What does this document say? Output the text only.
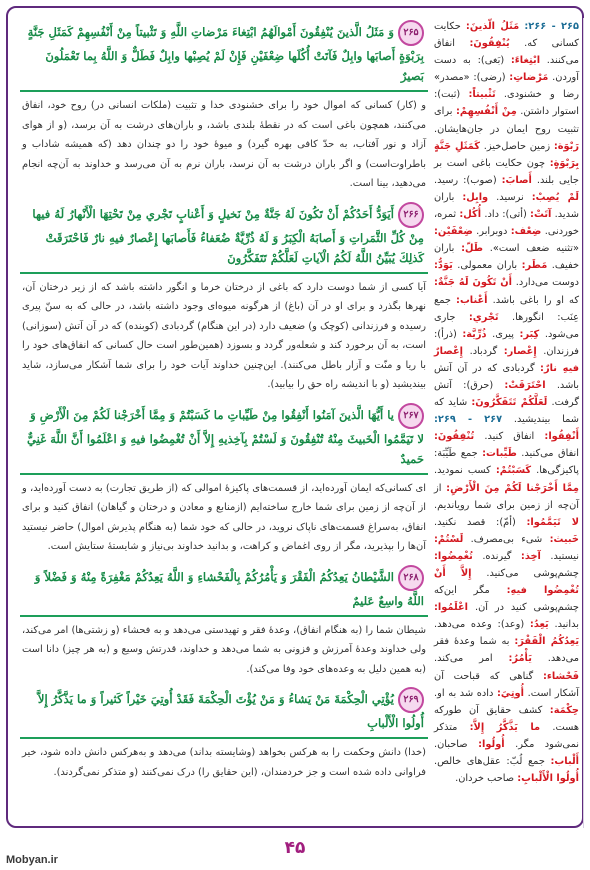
۲۶۵وَ مَثَلُ الَّذينَ يُنْفِقُونَ أَمْوالَهُمُ ابْتِغاءَ مَرْضاتِ اللَّهِ وَ تَثْبيتاً مِنْ أَنْفُسِهِمْ كَمَثَلِ جَنَّةٍ بِرَبْوَةٍ أَصابَها وابِلٌ فَآتَتْ أُكُلَها ضِعْفَيْنِ فَإِنْ لَمْ يُصِبْها وابِلٌ فَطَلٌّ وَ اللَّهُ بِما تَعْمَلُونَ بَصيرٌ
و (کار) کسانی که اموال خود را برای خشنودی خدا و تثبیت (ملکات انسانی در) روح خود، انفاق می‌کنند، همچون باغی است که در نقطهٔ بلندی باشد، و باران‌های درشت به آن برسد، (و از هوای آزاد و نور آفتاب، به حدّ کافی بهره گیرد) و میوهٔ خود را دو چندان دهد (که همیشه شاداب و باطراوت‌است) و اگر باران درشت به آن نرسد، باران نرم به آن می‌رسد و خداوند به آن‌چه انجام می‌دهید، بینا است.
۲۶۶أَيَوَدُّ أَحَدُكُمْ أَنْ تَكُونَ لَهُ جَنَّةٌ مِنْ نَخيلٍ وَ أَعْنابٍ تَجْري مِنْ تَحْتِهَا الْأَنْهارُ لَهُ فيها مِنْ كُلِّ الثَّمَراتِ وَ أَصابَهُ الْكِبَرُ وَ لَهُ ذُرِّيَّةٌ ضُعَفاءُ فَأَصابَها إِعْصارٌ فيهِ نارٌ فَاحْتَرَقَتْ كَذلِكَ يُبَيِّنُ اللَّهُ لَكُمُ الْآياتِ لَعَلَّكُمْ تَتَفَكَّرُونَ
آیا کسی از شما دوست دارد که باغی از درختان خرما و انگور داشته باشد که از زیر درختان آن، نهرها بگذرد و برای او در آن (باغ) از هرگونه میوه‌ای وجود داشته باشد، در حالی که به سنّ پیری رسیده و فرزندانی (کوچک و) ضعیف دارد (در این هنگام) گردبادی (کوبنده) که در آن آتش (سوزانی) است، به آن برخورد کند و شعله‌ور گردد و بسوزد (همین‌طور است حال کسانی که انفاق‌های خود را با ریا و منّت و آزار باطل می‌کنند). این‌چنین خداوند آیات خود را برای شما آشکار می‌سازد، شاید بیندیشید (و با اندیشه راه حق را بیابید).
۲۶۷يا أَيُّهَا الَّذينَ آمَنُوا أَنْفِقُوا مِنْ طَيِّباتِ ما كَسَبْتُمْ وَ مِمَّا أَخْرَجْنا لَكُمْ مِنَ الْأَرْضِ وَ لا تَيَمَّمُوا الْخَبيثَ مِنْهُ تُنْفِقُونَ وَ لَسْتُمْ بِآخِذيهِ إِلاَّ أَنْ تُغْمِضُوا فيهِ وَ اعْلَمُوا أَنَّ اللَّهَ غَنِيٌّ حَميدٌ
ای کسانی‌که ایمان آورده‌اید، از قسمت‌های پاکیزهٔ اموالی که (از طریق تجارت) به دست آورده‌اید، و از آن‌چه از زمین برای شما خارج ساخته‌ایم (ازمنابع و معادن و درختان و گیاهان) انفاق کنید و برای انفاق، به‌سراغ قسمت‌های ناپاک نروید، در حالی که خود شما (به هنگام پذیرش اموال) حاضر نیستید آن‌ها را بپذیرید، مگر از روی اغماض و کراهت، و بدانید خداوند بی‌نیاز و شایستهٔ ستایش است.
۲۶۸الشَّيْطانُ يَعِدُكُمُ الْفَقْرَ وَ يَأْمُرُكُمْ بِالْفَحْشاءِ وَ اللَّهُ يَعِدُكُمْ مَغْفِرَةً مِنْهُ وَ فَضْلاً وَ اللَّهُ واسِعٌ عَليمٌ
شیطان شما را (به هنگام انفاق)، وعدهٔ فقر و تهیدستی می‌دهد و به فحشاء (و زشتی‌ها) امر می‌کند، ولی خداوند وعدهٔ آمرزش و فزونی به شما می‌دهد و خداوند، قدرتش وسیع و (به هر چیز) دانا است (به همین دلیل به وعده‌های خود وفا می‌کند).
۲۶۹يُؤْتِي الْحِكْمَةَ مَنْ يَشاءُ وَ مَنْ يُؤْتَ الْحِكْمَةَ فَقَدْ أُوتِيَ خَيْراً كَثيراً وَ ما يَذَّكَّرُ إِلاَّ أُولُوا الْأَلْبابِ
(خدا) دانش وحکمت را به هرکس بخواهد (وشایسته بداند) می‌دهد و به‌هرکس دانش داده شود، خیر فراوانی داده شده است و جز خردمندان، (این حقایق را) درک نمی‌کنند (و متذکر نمی‌گردند).
۲۶۵ - ۲۶۶: مَثَلُ الَّذينَ: حکایت کسانی که. يُنْفِقُونَ: انفاق می‌کنند. ابْتِغاءَ: (بَغی): به دست آوردن. مَرْضاتِ: (رضی): «مصدر» رضا و خشنودی. تَثْبيتاً: (ثبت): استوار داشتن. مِنْ أَنْفُسِهِمْ: برای تثبیت روح ایمان در جان‌هایشان. رَبْوَة: زمین حاصل‌خیز. كَمَثَلِ جَنَّةٍ بِرَبْوَةٍ: چون حکایت باغی است بر جایی بلند. أَصابَ: (صوب): رسید. لَمْ يُصِبْ: نرسید. وابِل: باران شدید. آتَتْ: (أتی): داد. أُكُل: ثمره، خوردنی. ضِعْف: دوبرابر. ضِعْفَيْن: «تثنیه ضعف است». طَلّ: باران خفیف. مَطَر: باران معمولی. يَوَدُّ: دوست می‌دارد. أَنْ تَكُونَ لَهُ جَنَّةٌ: که او را باغی باشد. أَعْناب: جمع عِنَب: انگورها. تَجْري: جاری می‌شود. كِبَر: پیری. ذُرِّيَّة: (ذرأ): فرزندان. إِعْصار: گردباد. إِعْصارٌ فيهِ نارٌ: گردبادی که در آن آتش باشد. احْتَرَقَتْ: (حرق): آتش گرفت. لَعَلَّكُمْ تَتَفَكَّرُونَ: شاید که شما بیندیشید. ۲۶۷ - ۲۶۹: أَنْفِقُوا: انفاق کنید. تُنْفِقُونَ: انفاق می‌کنید. طَيِّبات: جمع طَيِّبَة: پاکیزگی‌ها. كَسَبْتُمْ: کسب نمودید. مِمَّا أَخْرَجْنا لَكُمْ مِنَ الْأَرْضِ: از آن‌چه از زمین برای شما رویاندیم. لا تَيَمَّمُوا: (أمّ): قصد نکنید. خَبيث: شیء بی‌مصرف. لَسْتُمْ: نیستید. آخِذ: گیرنده. تُغْمِضُوا: چشم‌پوشی می‌کنید. إِلاَّ أَنْ تُغْمِضُوا فيهِ: مگر این‌که چشم‌پوشی کنید در آن. اعْلَمُوا: بدانید. يَعِدُ: (وعد): وعده می‌دهد. يَعِدُكُمُ الْفَقْرَ: به شما وعدهٔ فقر می‌دهد. يَأْمُرُ: امر می‌کند. فَحْشاء: گناهی که قباحت آن آشکار است. أُوتِيَ: داده شد به او. حِكْمَة: کشف حقایق آن طورکه هست. ما يَذَّكَّرُ إِلاَّ: متذکر نمی‌شود مگر. أُولُوا: صاحبان. أَلْباب: جمع لُبّ: عقل‌های خالص. أُولُوا الْأَلْبابِ: صاحب خردان.
۴۵
Mobyan.ir
